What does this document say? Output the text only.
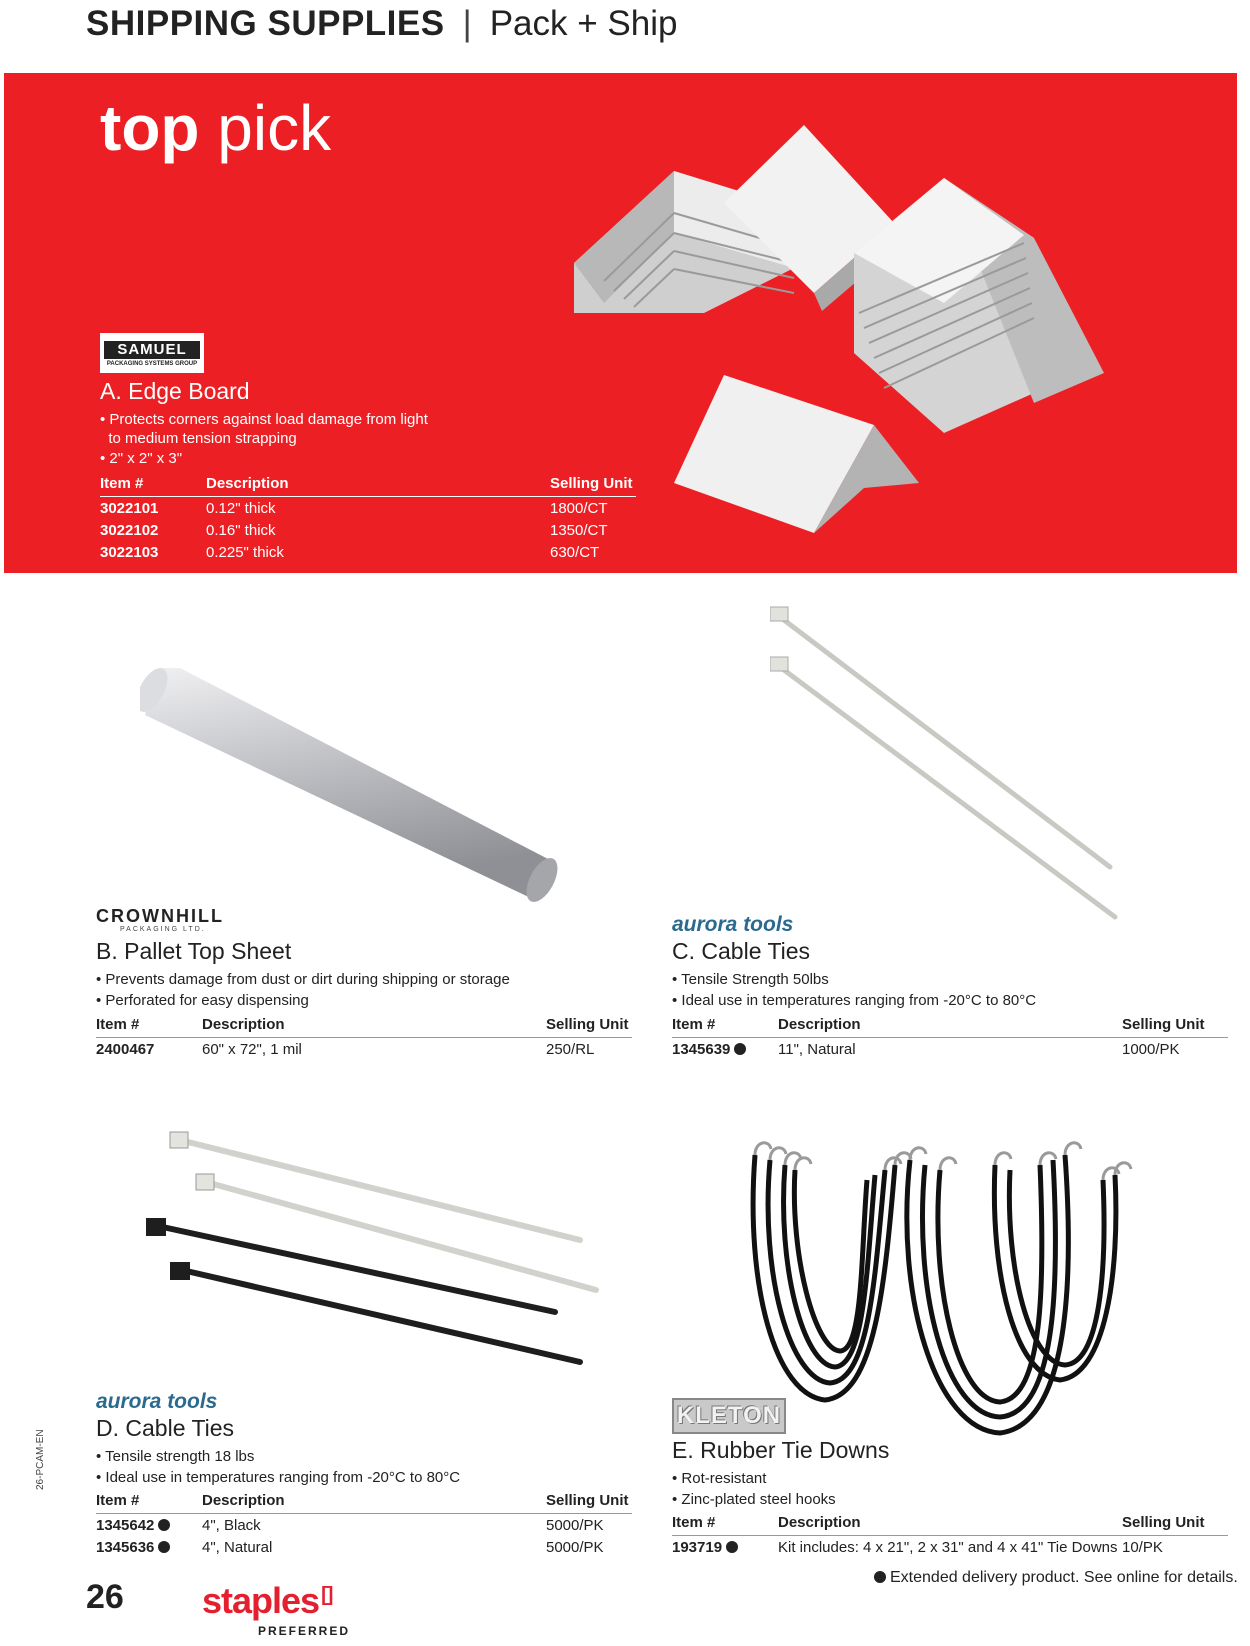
SHIPPING SUPPLIES | Pack + Ship
top pick
SAMUEL
PACKAGING SYSTEMS GROUP
A. Edge Board
• Protects corners against load damage from light
to medium tension strapping
• 2" x 2" x 3"
Item #	Description	Selling Unit
3022101	0.12" thick	1800/CT
3022102	0.16" thick	1350/CT
3022103	0.225" thick	630/CT
CROWNHILL
PACKAGING LTD.
B. Pallet Top Sheet
• Prevents damage from dust or dirt during shipping or storage
• Perforated for easy dispensing
Item #	Description	Selling Unit
2400467	60" x 72", 1 mil	250/RL
aurora tools
C. Cable Ties
• Tensile Strength 50lbs
• Ideal use in temperatures ranging from -20°C to 80°C
Item #	Description	Selling Unit
1345639	11", Natural	1000/PK
aurora tools
D. Cable Ties
• Tensile strength 18 lbs
• Ideal use in temperatures ranging from -20°C to 80°C
Item #	Description	Selling Unit
1345642	4", Black	5000/PK
1345636	4", Natural	5000/PK
KLETON
E. Rubber Tie Downs
• Rot-resistant
• Zinc-plated steel hooks
Item #	Description	Selling Unit
193719	Kit includes: 4 x 21", 2 x 31" and 4 x 41" Tie Downs	10/PK
Extended delivery product. See online for details.
26-PCAM-EN
26 staples []
PREFERRED
